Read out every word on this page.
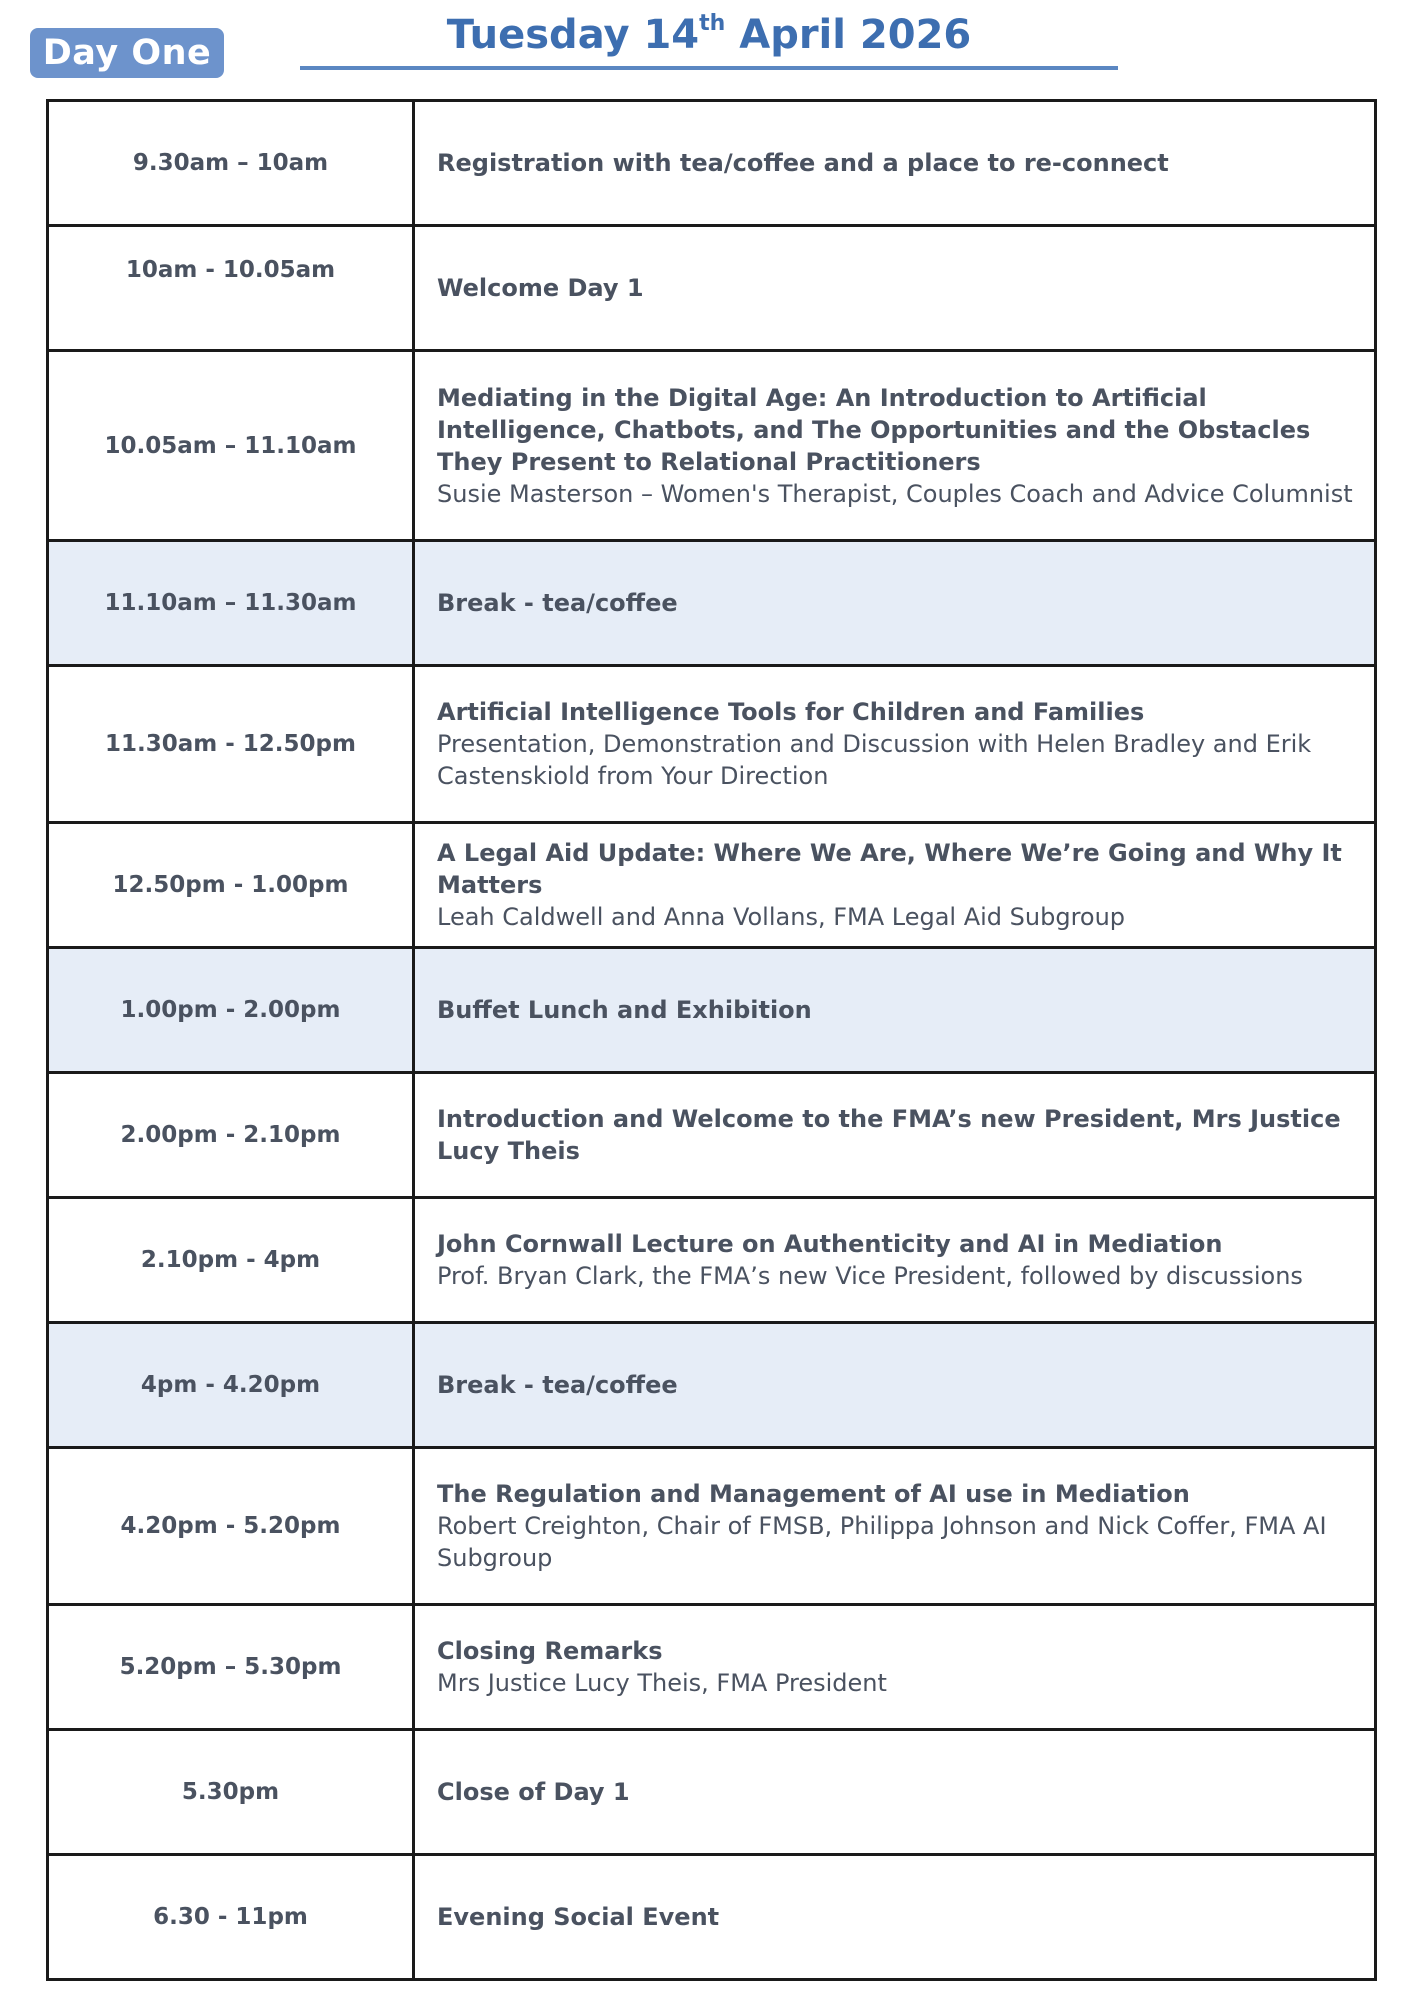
Day One	Tuesday 14th April 2026
9.30am – 10am	Registration with tea/coffee and a place to re-connect

10am - 10.05am	Welcome Day 1

10.05am – 11.10am	Mediating in the Digital Age: An Introduction to Artificial Intelligence, Chatbots, and The Opportunities and the Obstacles They Present to Relational Practitioners
Susie Masterson – Women's Therapist, Couples Coach and Advice Columnist

11.10am – 11.30am	Break - tea/coffee

11.30am - 12.50pm	Artificial Intelligence Tools for Children and Families
Presentation, Demonstration and Discussion with Helen Bradley and Erik Castenskiold from Your Direction

12.50pm - 1.00pm	A Legal Aid Update: Where We Are, Where We’re Going and Why It Matters
Leah Caldwell and Anna Vollans, FMA Legal Aid Subgroup

1.00pm - 2.00pm	Buffet Lunch and Exhibition

2.00pm - 2.10pm	Introduction and Welcome to the FMA’s new President, Mrs Justice Lucy Theis

2.10pm - 4pm	John Cornwall Lecture on Authenticity and AI in Mediation
Prof. Bryan Clark, the FMA’s new Vice President, followed by discussions

4pm - 4.20pm	Break - tea/coffee

4.20pm - 5.20pm	The Regulation and Management of AI use in Mediation
Robert Creighton, Chair of FMSB, Philippa Johnson and Nick Coffer, FMA AI Subgroup

5.20pm – 5.30pm	Closing Remarks
Mrs Justice Lucy Theis, FMA President

5.30pm	Close of Day 1

6.30 - 11pm	Evening Social Event
